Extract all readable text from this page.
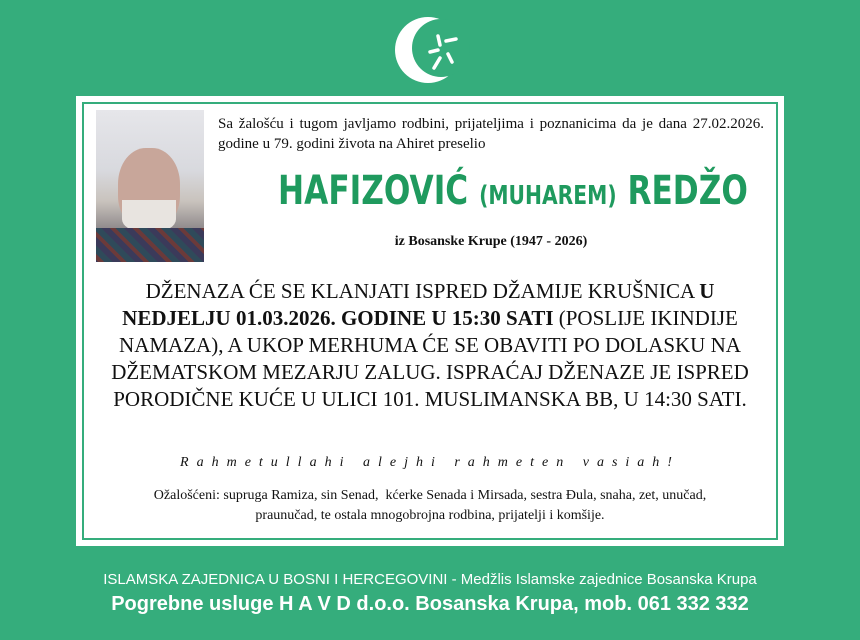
Sa žalošću i tugom javljamo rodbini, prijateljima i poznanicima da je dana 27.02.2026. godine u 79. godini života na Ahiret preselio
HAFIZOVIĆ (MUHAREM) REDŽO
iz Bosanske Krupe (1947 - 2026)
DŽENAZA ĆE SE KLANJATI ISPRED DŽAMIJE KRUŠNICA U NEDJELJU 01.03.2026. GODINE U 15:30 SATI (POSLIJE IKINDIJE NAMAZA), A UKOP MERHUMA ĆE SE OBAVITI PO DOLASKU NA DŽEMATSKOM MEZARJU ZALUG. ISPRAĆAJ DŽENAZE JE ISPRED PORODIČNE KUĆE U ULICI 101. MUSLIMANSKA BB, U 14:30 SATI.
Rahmetullahi alejhi rahmeten vasiah!
Ožalošćeni: supruga Ramiza, sin Senad,  kćerke Senada i Mirsada, sestra Đula, snaha, zet, unučad,
praunučad, te ostala mnogobrojna rodbina, prijatelji i komšije.
ISLAMSKA ZAJEDNICA U BOSNI I HERCEGOVINI - Medžlis Islamske zajednice Bosanska Krupa
Pogrebne usluge H A V D d.o.o. Bosanska Krupa, mob. 061 332 332
